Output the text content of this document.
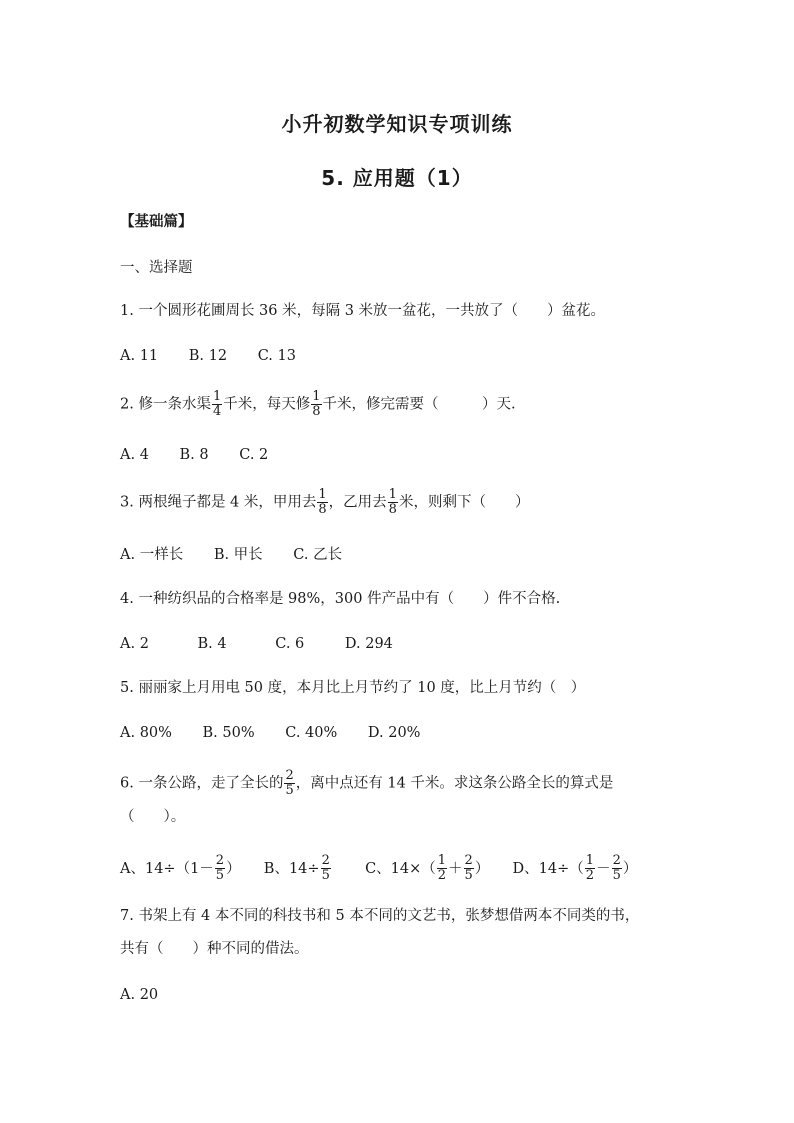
小升初数学知识专项训练
5. 应用题（1）
【基础篇】
一、选择题
1. 一个圆形花圃周长 36 米，每隔 3 米放一盆花，一共放了（　　）盆花。
A. 11 B. 12 C. 13
2. 修一条水渠 $\frac{1}{4}$ 千米，每天修 $\frac{1}{8}$ 千米，修完需要（　　　）天.
A. 4 B. 8 C. 2
3. 两根绳子都是 4 米，甲用去 $\frac{1}{8}$ ，乙用去 $\frac{1}{8}$ 米，则剩下（　　）
A. 一样长 B. 甲长 C. 乙长
4. 一种纺织品的合格率是 98%，300 件产品中有（　　）件不合格.
A. 2	B. 4	C. 6	D. 294
5. 丽丽家上月用电 50 度，本月比上月节约了 10 度，比上月节约（　）
A. 80% B. 50% C. 40% D. 20%
6. 一条公路，走了全长的 $\frac{2}{5}$ ，离中点还有 14 千米。求这条公路全长的算式是
（　　）。
A、$14\div(1- \frac{2}{5}$ ） B、$14\div \frac{2}{5}$ C、$14\times( \frac{1}{2} + \frac{2}{5}$ ） D、$14\div( \frac{1}{2} - \frac{2}{5}$ ）
7. 书架上有 4 本不同的科技书和 5 本不同的文艺书，张梦想借两本不同类的书，
共有（　　）种不同的借法。
A. 20
